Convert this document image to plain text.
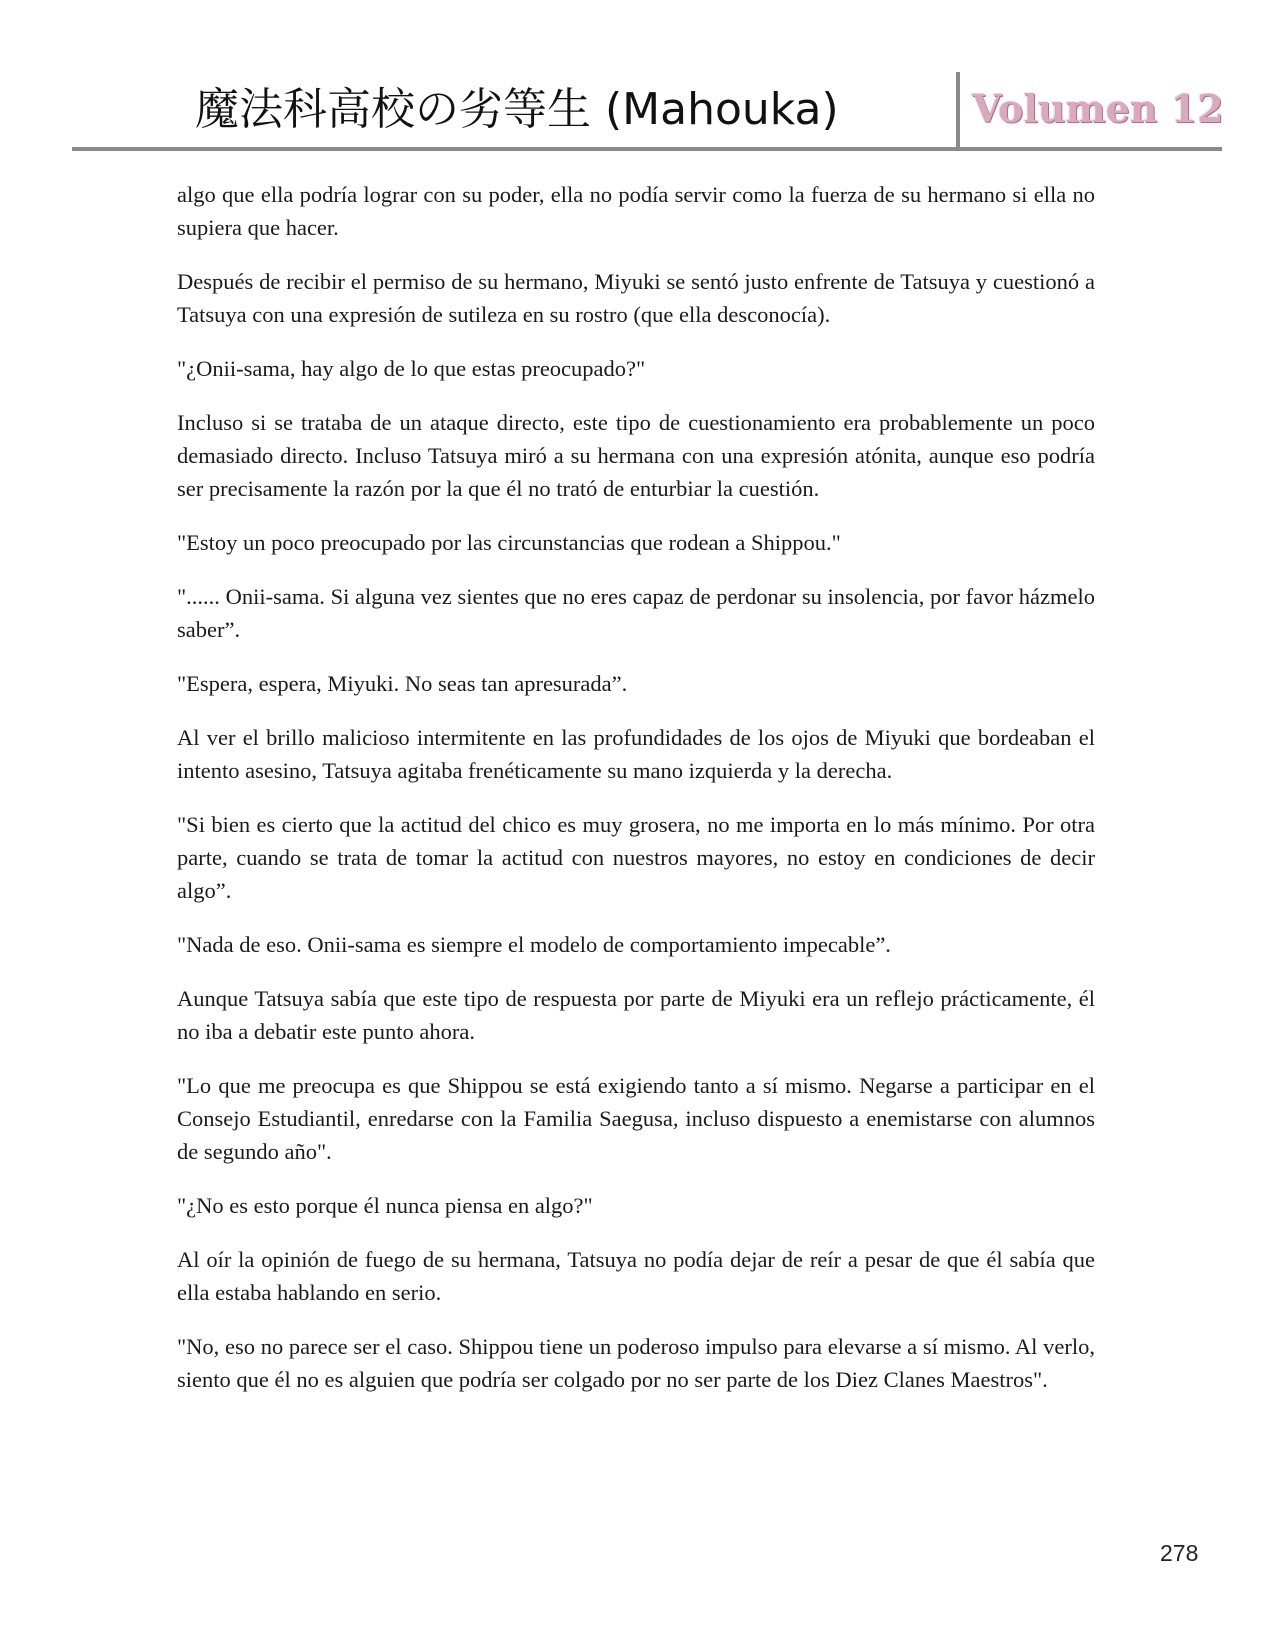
魔法科高校の劣等生 (Mahouka)	Volumen 12

algo que ella podría lograr con su poder, ella no podía servir como la fuerza de su hermano si ella no supiera que hacer.

Después de recibir el permiso de su hermano, Miyuki se sentó justo enfrente de Tatsuya y cuestionó a Tatsuya con una expresión de sutileza en su rostro (que ella desconocía).

"¿Onii-sama, hay algo de lo que estas preocupado?"

Incluso si se trataba de un ataque directo, este tipo de cuestionamiento era probablemente un poco demasiado directo. Incluso Tatsuya miró a su hermana con una expresión atónita, aunque eso podría ser precisamente la razón por la que él no trató de enturbiar la cuestión.

"Estoy un poco preocupado por las circunstancias que rodean a Shippou."

"...... Onii-sama. Si alguna vez sientes que no eres capaz de perdonar su insolencia, por favor házmelo saber”.

"Espera, espera, Miyuki. No seas tan apresurada”.

Al ver el brillo malicioso intermitente en las profundidades de los ojos de Miyuki que bordeaban el intento asesino, Tatsuya agitaba frenéticamente su mano izquierda y la derecha.

"Si bien es cierto que la actitud del chico es muy grosera, no me importa en lo más mínimo. Por otra parte, cuando se trata de tomar la actitud con nuestros mayores, no estoy en condiciones de decir algo”.

"Nada de eso. Onii-sama es siempre el modelo de comportamiento impecable”.

Aunque Tatsuya sabía que este tipo de respuesta por parte de Miyuki era un reflejo prácticamente, él no iba a debatir este punto ahora.

"Lo que me preocupa es que Shippou se está exigiendo tanto a sí mismo. Negarse a participar en el Consejo Estudiantil, enredarse con la Familia Saegusa, incluso dispuesto a enemistarse con alumnos de segundo año".

"¿No es esto porque él nunca piensa en algo?"

Al oír la opinión de fuego de su hermana, Tatsuya no podía dejar de reír a pesar de que él sabía que ella estaba hablando en serio.

"No, eso no parece ser el caso. Shippou tiene un poderoso impulso para elevarse a sí mismo. Al verlo, siento que él no es alguien que podría ser colgado por no ser parte de los Diez Clanes Maestros".

278
